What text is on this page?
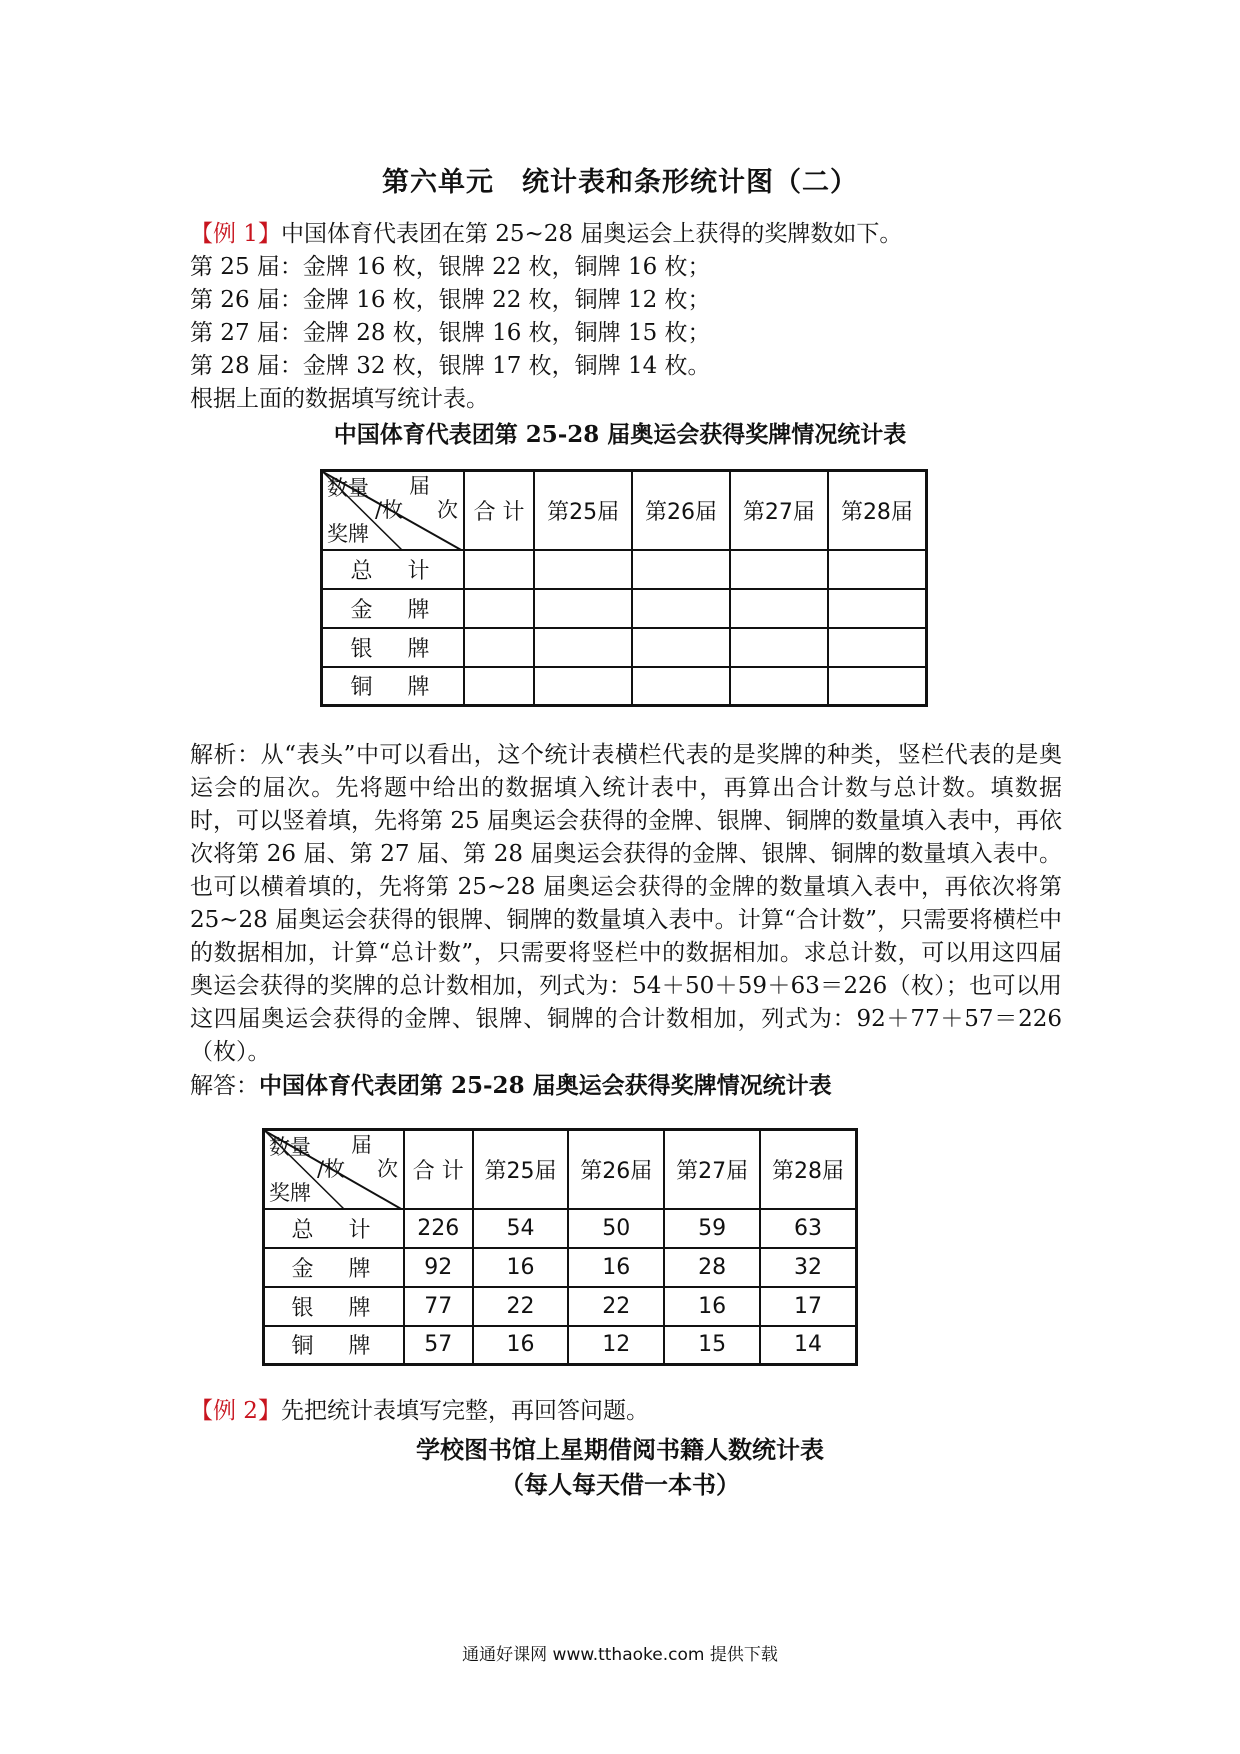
第六单元　统计表和条形统计图（二）
【例 1】中国体育代表团在第 25~28 届奥运会上获得的奖牌数如下。
第 25 届：金牌 16 枚，银牌 22 枚，铜牌 16 枚；
第 26 届：金牌 16 枚，银牌 22 枚，铜牌 12 枚；
第 27 届：金牌 28 枚，银牌 16 枚，铜牌 15 枚；
第 28 届：金牌 32 枚，银牌 17 枚，铜牌 14 枚。
根据上面的数据填写统计表。
中国体育代表团第 25-28 届奥运会获得奖牌情况统计表
数量
/枚
届
次
奖牌	合 计	第25届	第26届	第27届	第28届
总 计					
金 牌					
银 牌					
铜 牌					
解析：从“表头”中可以看出，这个统计表横栏代表的是奖牌的种类，竖栏代表的是奥运会的届次。先将题中给出的数据填入统计表中，再算出合计数与总计数。填数据时，可以竖着填，先将第 25 届奥运会获得的金牌、银牌、铜牌的数量填入表中，再依次将第 26 届、第 27 届、第 28 届奥运会获得的金牌、银牌、铜牌的数量填入表中。也可以横着填的，先将第 25~28 届奥运会获得的金牌的数量填入表中，再依次将第 25~28 届奥运会获得的银牌、铜牌的数量填入表中。计算“合计数”，只需要将横栏中的数据相加，计算“总计数”，只需要将竖栏中的数据相加。求总计数，可以用这四届奥运会获得的奖牌的总计数相加，列式为：54＋50＋59＋63＝226（枚）；也可以用这四届奥运会获得的金牌、银牌、铜牌的合计数相加，列式为：92＋77＋57＝226（枚）。
解答：中国体育代表团第 25-28 届奥运会获得奖牌情况统计表
数量
/枚
届
次
奖牌	合 计	第25届	第26届	第27届	第28届
总 计	226	54	50	59	63
金 牌	92	16	16	28	32
银 牌	77	22	22	16	17
铜 牌	57	16	12	15	14
【例 2】先把统计表填写完整，再回答问题。
学校图书馆上星期借阅书籍人数统计表
（每人每天借一本书）
通通好课网 www.tthaoke.com 提供下载
